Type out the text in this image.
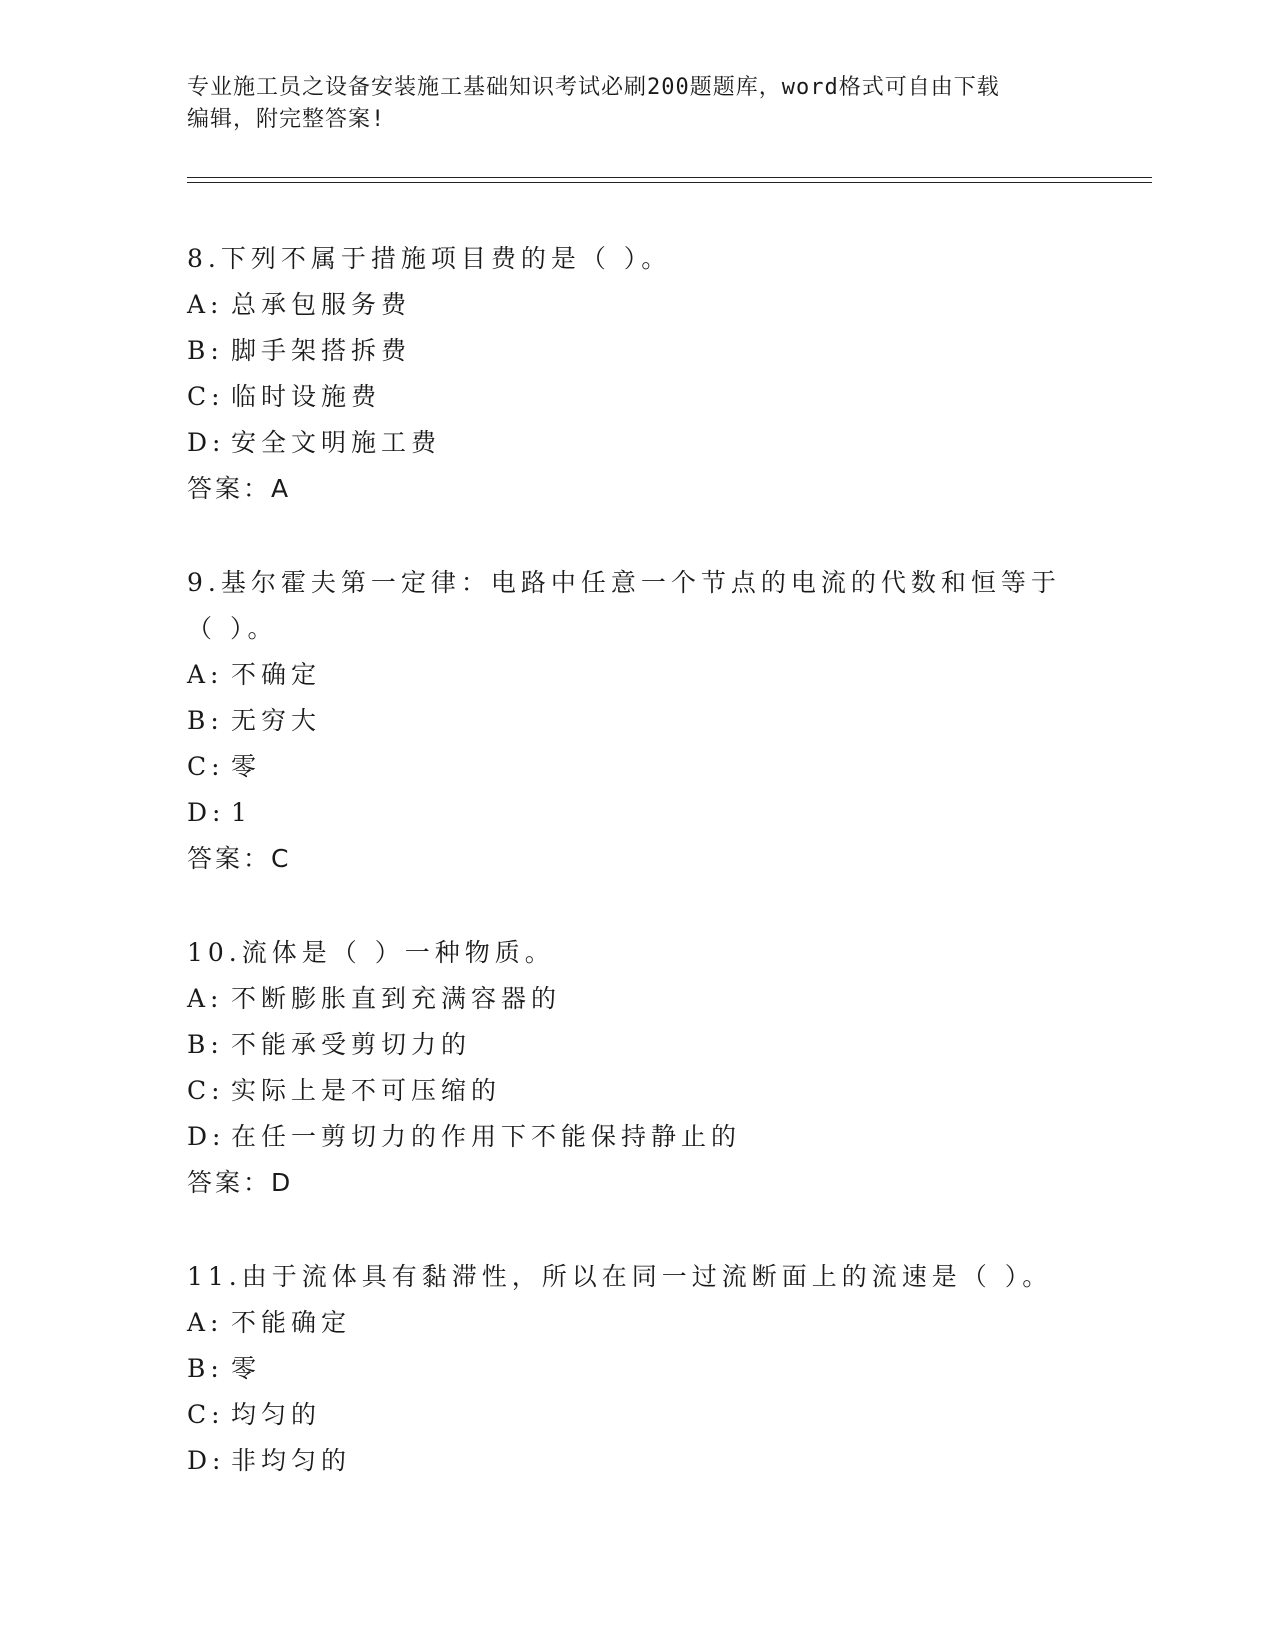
专业施工员之设备安装施工基础知识考试必刷200题题库，word格式可自由下载
编辑，附完整答案!
8.下列不属于措施项目费的是（ ）。
A: 总承包服务费
B: 脚手架搭拆费
C: 临时设施费
D: 安全文明施工费
答案：A
9.基尔霍夫第一定律：电路中任意一个节点的电流的代数和恒等于（ ）。
A: 不确定
B: 无穷大
C: 零
D: 1
答案：C
10.流体是（ ）一种物质。
A: 不断膨胀直到充满容器的
B: 不能承受剪切力的
C: 实际上是不可压缩的
D: 在任一剪切力的作用下不能保持静止的
答案：D
11.由于流体具有黏滞性，所以在同一过流断面上的流速是（ ）。
A: 不能确定
B: 零
C: 均匀的
D: 非均匀的
